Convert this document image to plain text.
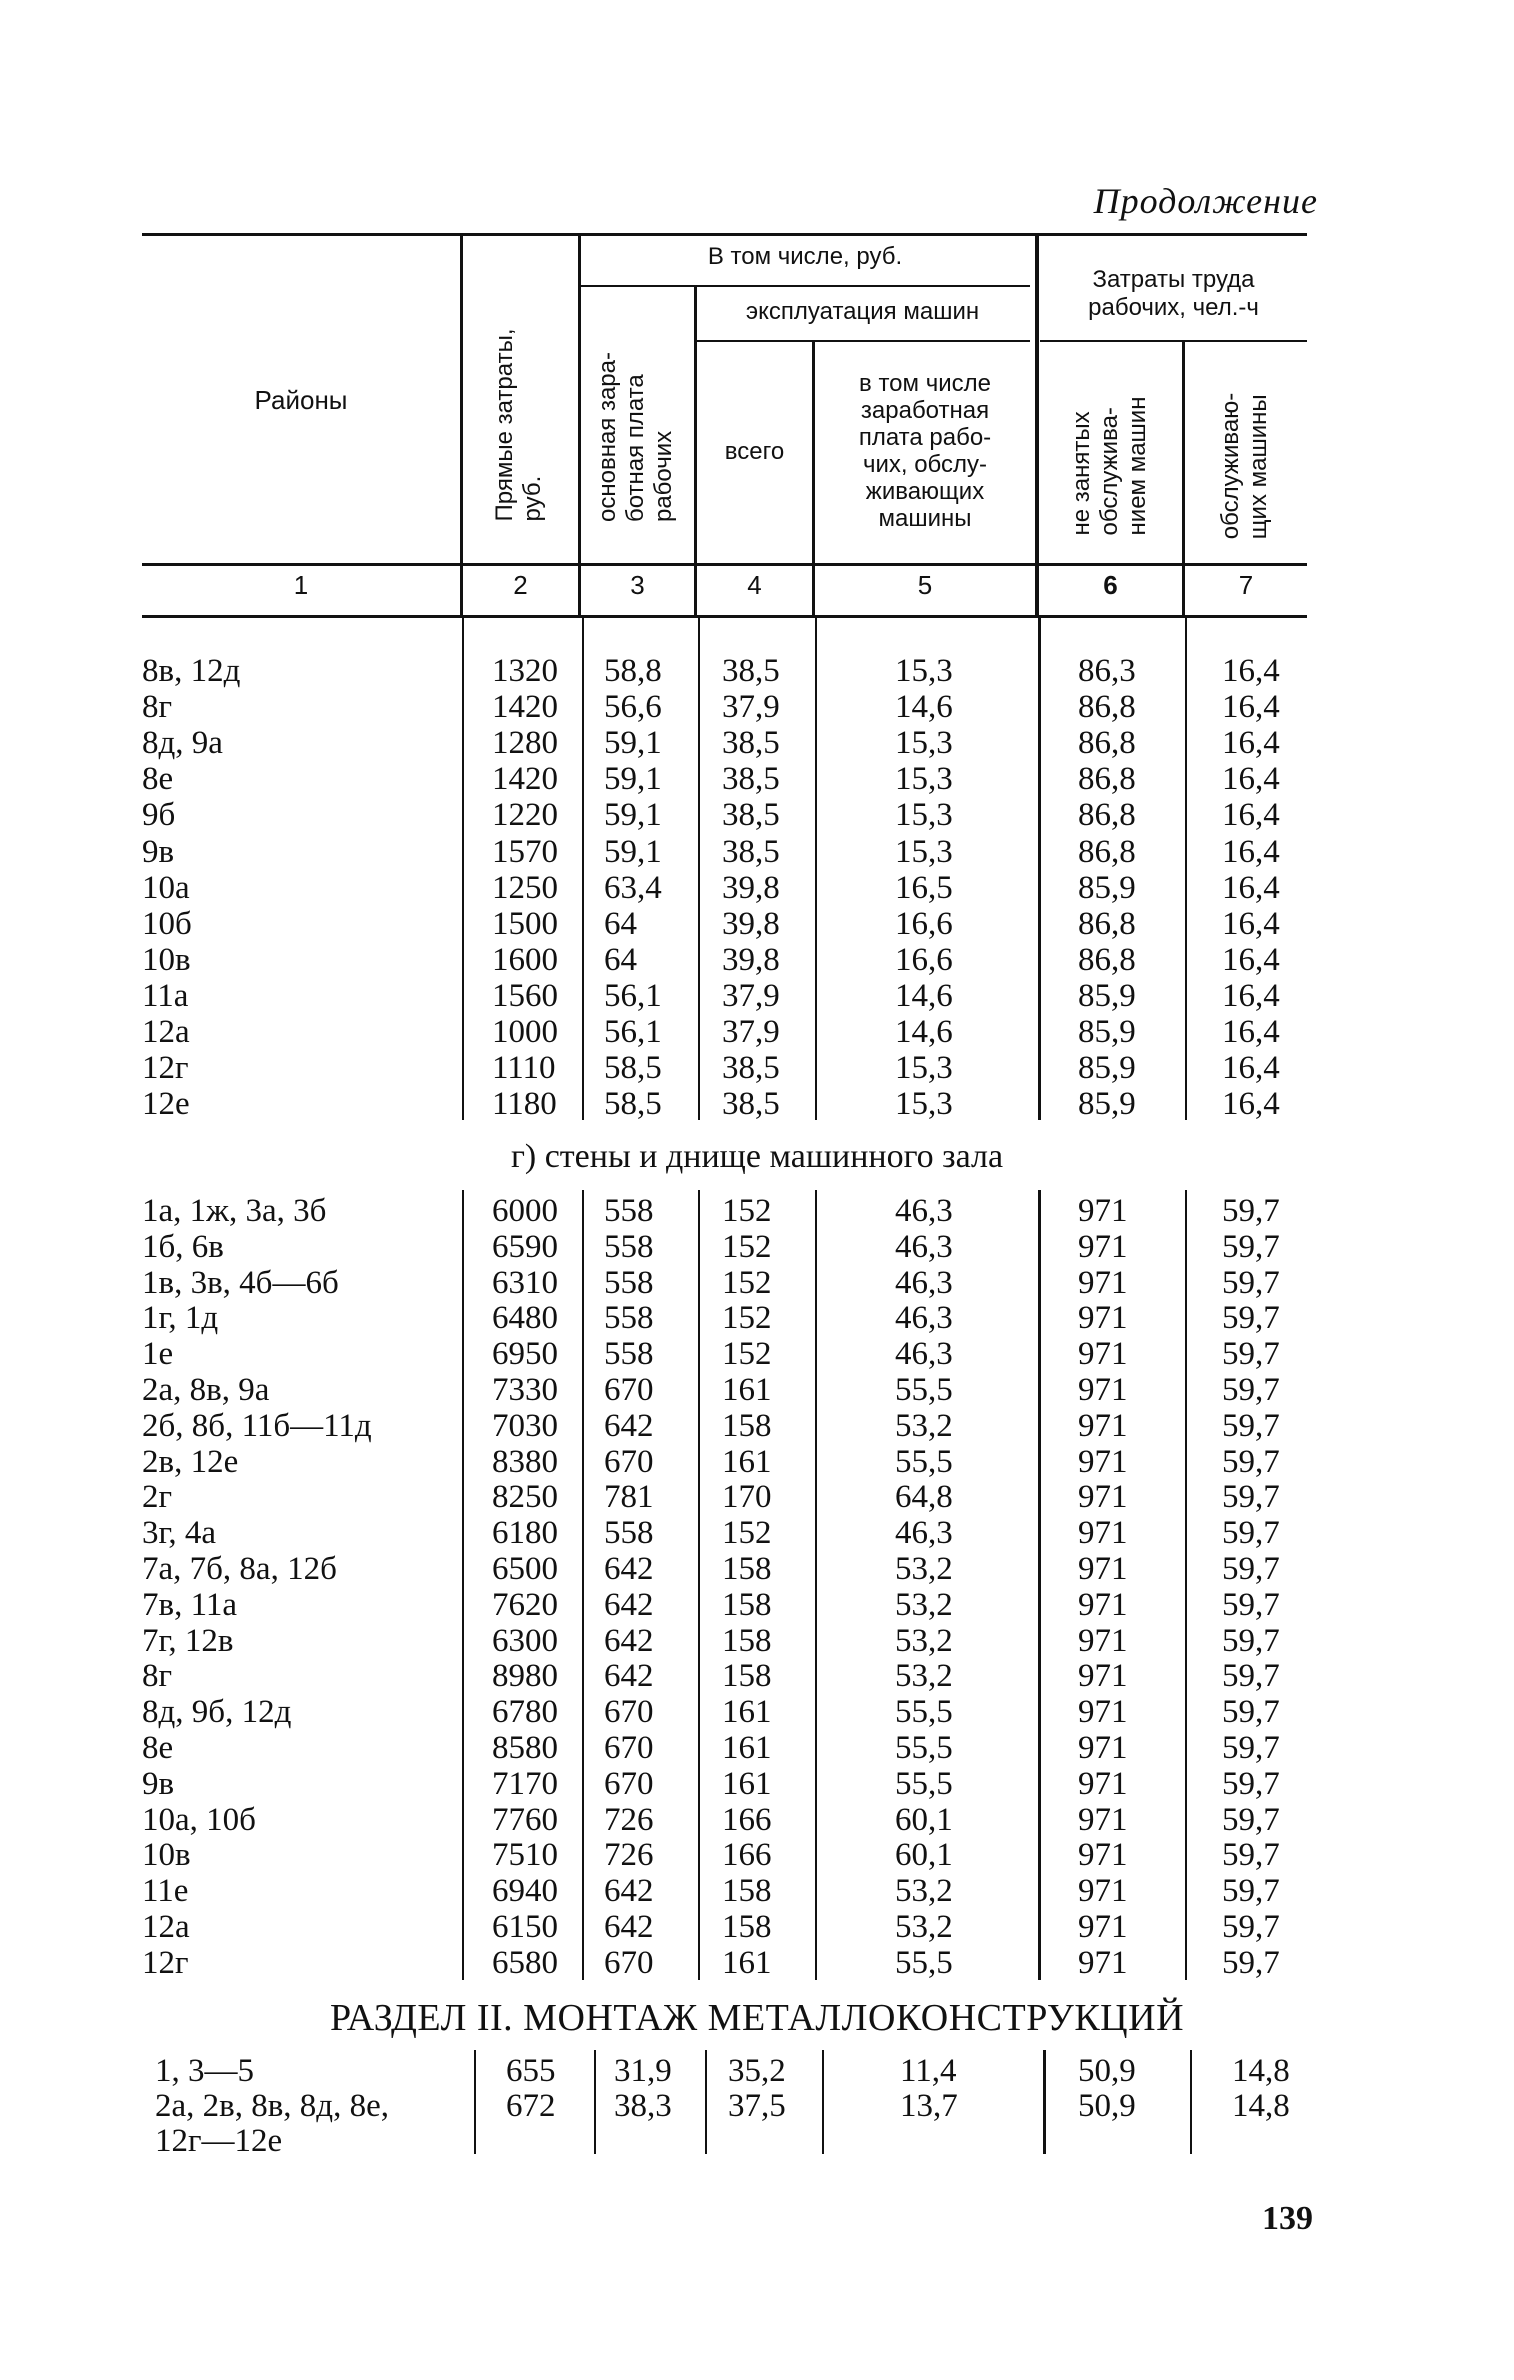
Продолжение
Районы
Прямые затраты,
руб.
В том числе, руб.
основная зара-
ботная плата
рабочих
эксплуатация машин
всего
в том числе
заработная
плата рабо-
чих, обслу-
живающих
машины
Затраты труда
рабочих, чел.-ч
не занятых
обслужива-
нием машин	обслуживаю-
щих машины
1	2	3	4	5	6	7
8в, 12д	1320 58,8 38,5	15,3	86,3	16,4
8г	1420 56,6 37,9	14,6	86,8	16,4
8д, 9а	1280 59,1 38,5	15,3	86,8	16,4
8е	1420 59,1 38,5	15,3	86,8	16,4
9б	1220 59,1 38,5	15,3	86,8	16,4
9в	1570 59,1 38,5	15,3	86,8	16,4
10а	1250 63,4 39,8	16,5	85,9	16,4
10б	1500 64	39,8	16,6	86,8	16,4
10в	1600 64	39,8	16,6	86,8	16,4
11а	1560 56,1 37,9	14,6	85,9	16,4
12а	1000 56,1 37,9	14,6	85,9	16,4
12г	1110 58,5 38,5	15,3	85,9	16,4
12е	1180 58,5 38,5	15,3	85,9	16,4
г) стены и днище машинного зала
1а, 1ж, 3а, 3б	6000 558 152	46,3	971	59,7
1б, 6в	6590 558 152	46,3	971	59,7
1в, 3в, 4б—6б	6310 558 152	46,3	971	59,7
1г, 1д	6480 558 152	46,3	971	59,7
1е	6950 558 152	46,3	971	59,7
2а, 8в, 9а	7330 670 161	55,5	971	59,7
2б, 8б, 11б—11д	7030 642 158	53,2	971	59,7
2в, 12е	8380 670 161	55,5	971	59,7
2г	8250 781 170	64,8	971	59,7
3г, 4а	6180 558 152	46,3	971	59,7
7а, 7б, 8а, 12б	6500 642 158	53,2	971	59,7
7в, 11а	7620 642 158	53,2	971	59,7
7г, 12в	6300 642 158	53,2	971	59,7
8г	8980 642 158	53,2	971	59,7
8д, 9б, 12д	6780 670 161	55,5	971	59,7
8е	8580 670 161	55,5	971	59,7
9в	7170 670 161	55,5	971	59,7
10а, 10б	7760 726 166	60,1	971	59,7
10в	7510 726 166	60,1	971	59,7
11е	6940 642 158	53,2	971	59,7
12а	6150 642 158	53,2	971	59,7
12г	6580 670 161	55,5	971	59,7
РАЗДЕЛ II. МОНТАЖ МЕТАЛЛОКОНСТРУКЦИЙ
1, 3—5	655 31,9 35,2	11,4	50,9	14,8
2а, 2в, 8в, 8д, 8е,	672 38,3 37,5	13,7	50,9	14,8
12г—12е
139
